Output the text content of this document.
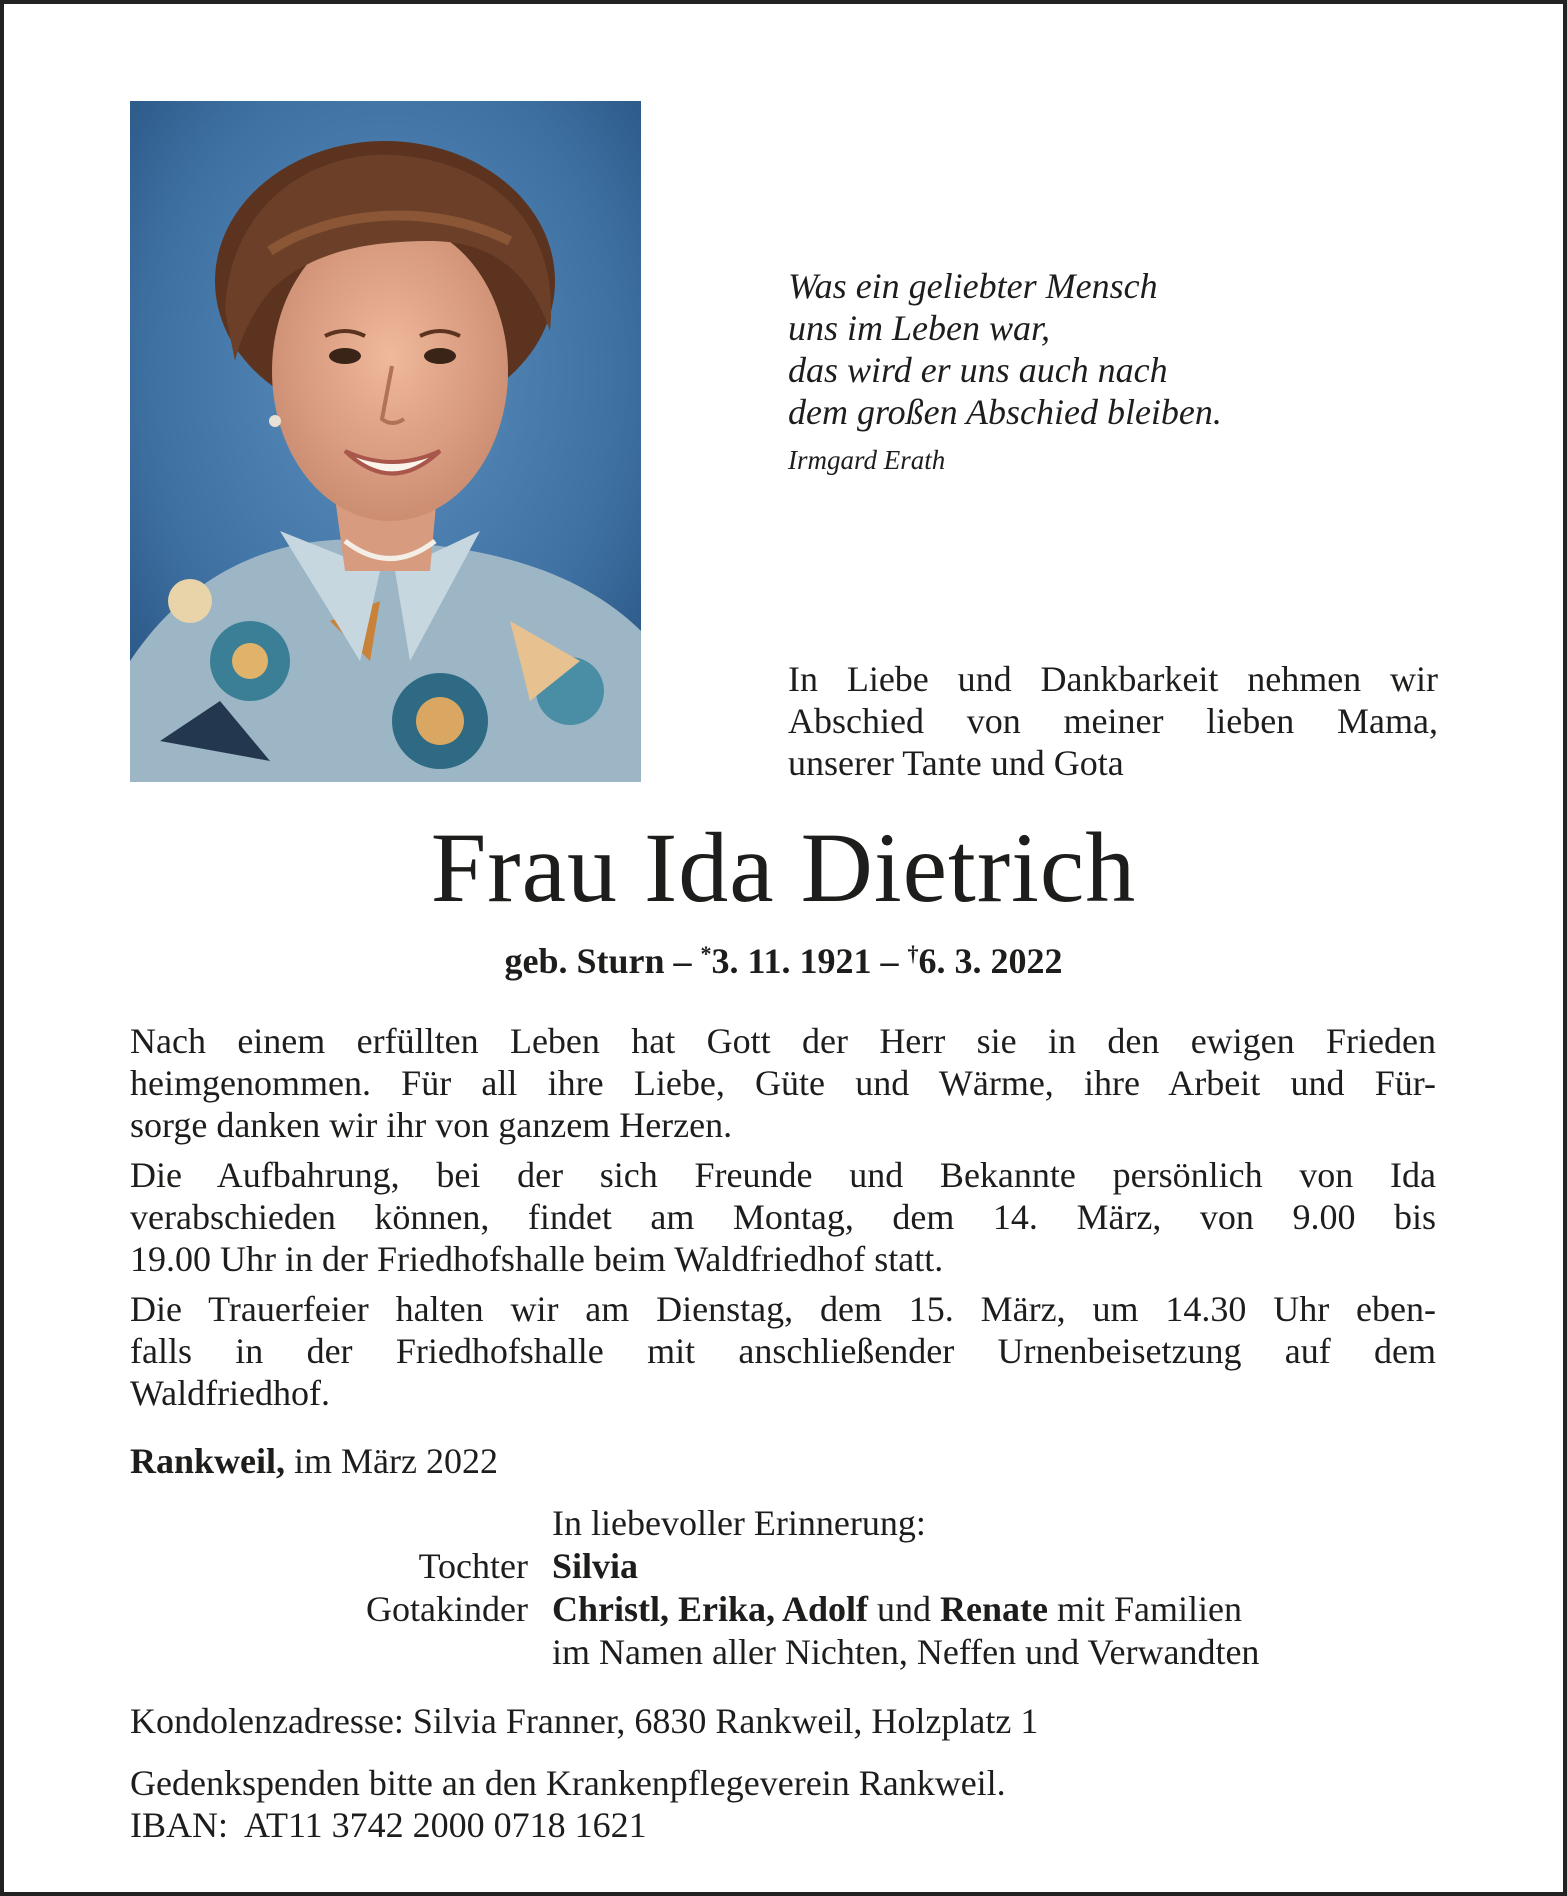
Was ein geliebter Mensch
uns im Leben war,
das wird er uns auch nach
dem großen Abschied bleiben.
Irmgard Erath
In Liebe und Dankbarkeit nehmen wir
Abschied von meiner lieben Mama,
unserer Tante und Gota
Frau Ida Dietrich
geb. Sturn – *3. 11. 1921 – †6. 3. 2022
Nach einem erfüllten Leben hat Gott der Herr sie in den ewigen Frieden
heimgenommen. Für all ihre Liebe, Güte und Wärme, ihre Arbeit und Für-
sorge danken wir ihr von ganzem Herzen.
Die Aufbahrung, bei der sich Freunde und Bekannte persönlich von Ida
verabschieden können, findet am Montag, dem 14. März, von 9.00 bis
19.00 Uhr in der Friedhofshalle beim Waldfriedhof statt.
Die Trauerfeier halten wir am Dienstag, dem 15. März, um 14.30 Uhr eben-
falls in der Friedhofshalle mit anschließender Urnenbeisetzung auf dem
Waldfriedhof.
Rankweil, im März 2022
In liebevoller Erinnerung:
Tochter Silvia
Gotakinder Christl, Erika, Adolf und Renate mit Familien
im Namen aller Nichten, Neffen und Verwandten
Kondolenzadresse: Silvia Franner, 6830 Rankweil, Holzplatz 1
Gedenkspenden bitte an den Krankenpflegeverein Rankweil.
IBAN: AT11 3742 2000 0718 1621
